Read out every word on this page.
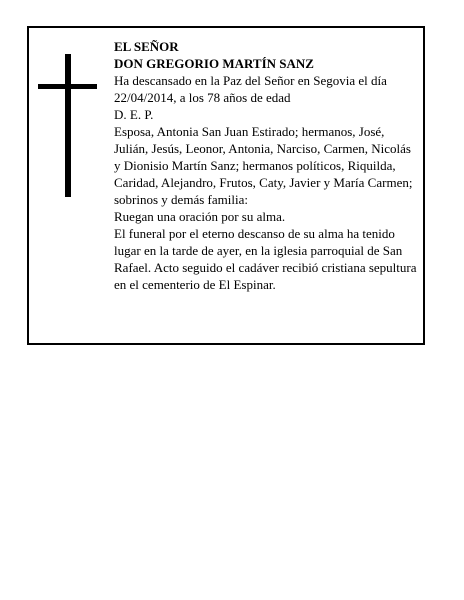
EL SEÑOR

DON GREGORIO MARTÍN SANZ

Ha descansado en la Paz del Señor en Segovia el día 22/04/2014, a los 78 años de edad

D. E. P.

Esposa, Antonia San Juan Estirado; hermanos, José, Julián, Jesús, Leonor, Antonia, Narciso, Carmen, Nicolás y Dionisio Martín Sanz; hermanos políticos, Riquilda, Caridad, Alejandro, Frutos, Caty, Javier y María Carmen; sobrinos y demás familia:

Ruegan una oración por su alma.

El funeral por el eterno descanso de su alma ha tenido lugar en la tarde de ayer, en la iglesia parroquial de San Rafael. Acto seguido el cadáver recibió cristiana sepultura en el cementerio de El Espinar.
